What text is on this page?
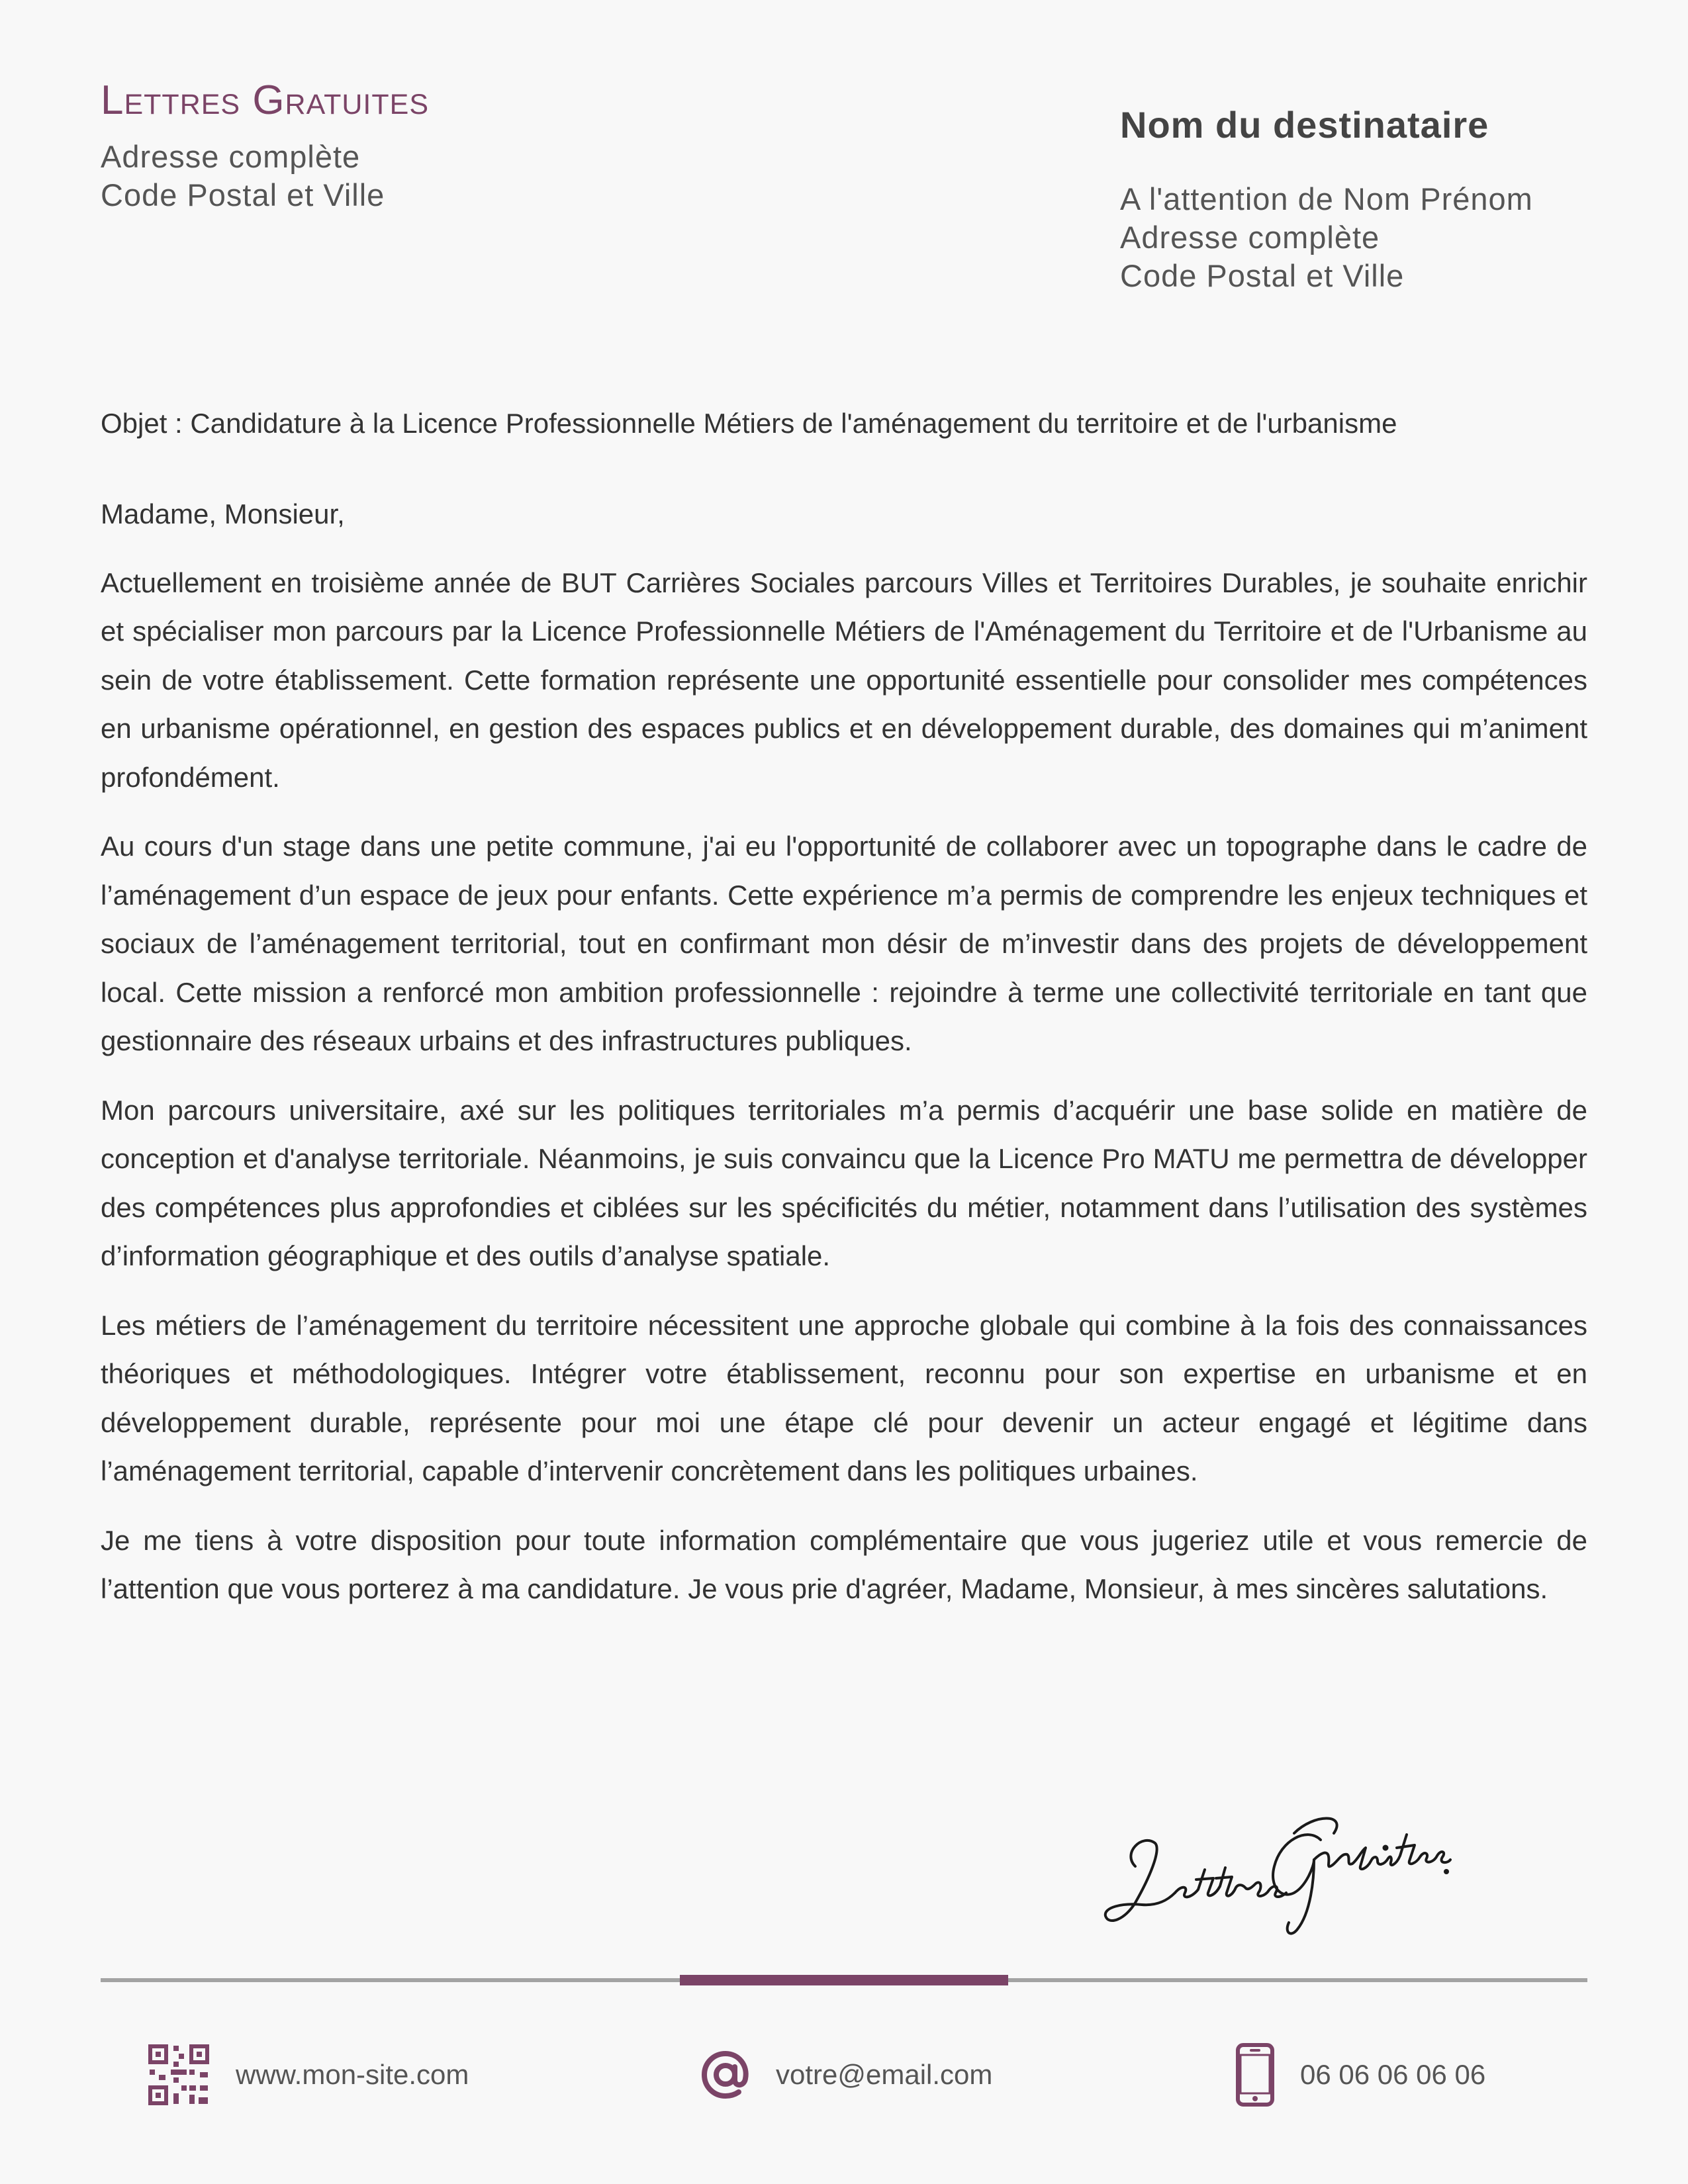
Lettres Gratuites
Adresse complète
Code Postal et Ville
Nom du destinataire
A l'attention de Nom Prénom
Adresse complète
Code Postal et Ville
Objet : Candidature à la Licence Professionnelle Métiers de l'aménagement du territoire et de l'urbanisme

Madame, Monsieur,

Actuellement en troisième année de BUT Carrières Sociales parcours Villes et Territoires Durables, je souhaite enrichir et spécialiser mon parcours par la Licence Professionnelle Métiers de l'Aménagement du Territoire et de l'Urbanisme au sein de votre établissement. Cette formation représente une opportunité essentielle pour consolider mes compétences en urbanisme opérationnel, en gestion des espaces publics et en développement durable, des domaines qui m’animent profondément.

Au cours d'un stage dans une petite commune, j'ai eu l'opportunité de collaborer avec un topographe dans le cadre de l’aménagement d’un espace de jeux pour enfants. Cette expérience m’a permis de comprendre les enjeux techniques et sociaux de l’aménagement territorial, tout en confirmant mon désir de m’investir dans des projets de développement local. Cette mission a renforcé mon ambition professionnelle : rejoindre à terme une collectivité territoriale en tant que gestionnaire des réseaux urbains et des infrastructures publiques.

Mon parcours universitaire, axé sur les politiques territoriales m’a permis d’acquérir une base solide en matière de conception et d'analyse territoriale. Néanmoins, je suis convaincu que la Licence Pro MATU me permettra de développer des compétences plus approfondies et ciblées sur les spécificités du métier, notamment dans l’utilisation des systèmes d’information géographique et des outils d’analyse spatiale.

Les métiers de l’aménagement du territoire nécessitent une approche globale qui combine à la fois des connaissances théoriques et méthodologiques. Intégrer votre établissement, reconnu pour son expertise en urbanisme et en développement durable, représente pour moi une étape clé pour devenir un acteur engagé et légitime dans l’aménagement territorial, capable d’intervenir concrètement dans les politiques urbaines.

Je me tiens à votre disposition pour toute information complémentaire que vous jugeriez utile et vous remercie de l’attention que vous porterez à ma candidature. Je vous prie d'agréer, Madame, Monsieur, à mes sincères salutations.

www.mon-site.com	votre@email.com	06 06 06 06 06
